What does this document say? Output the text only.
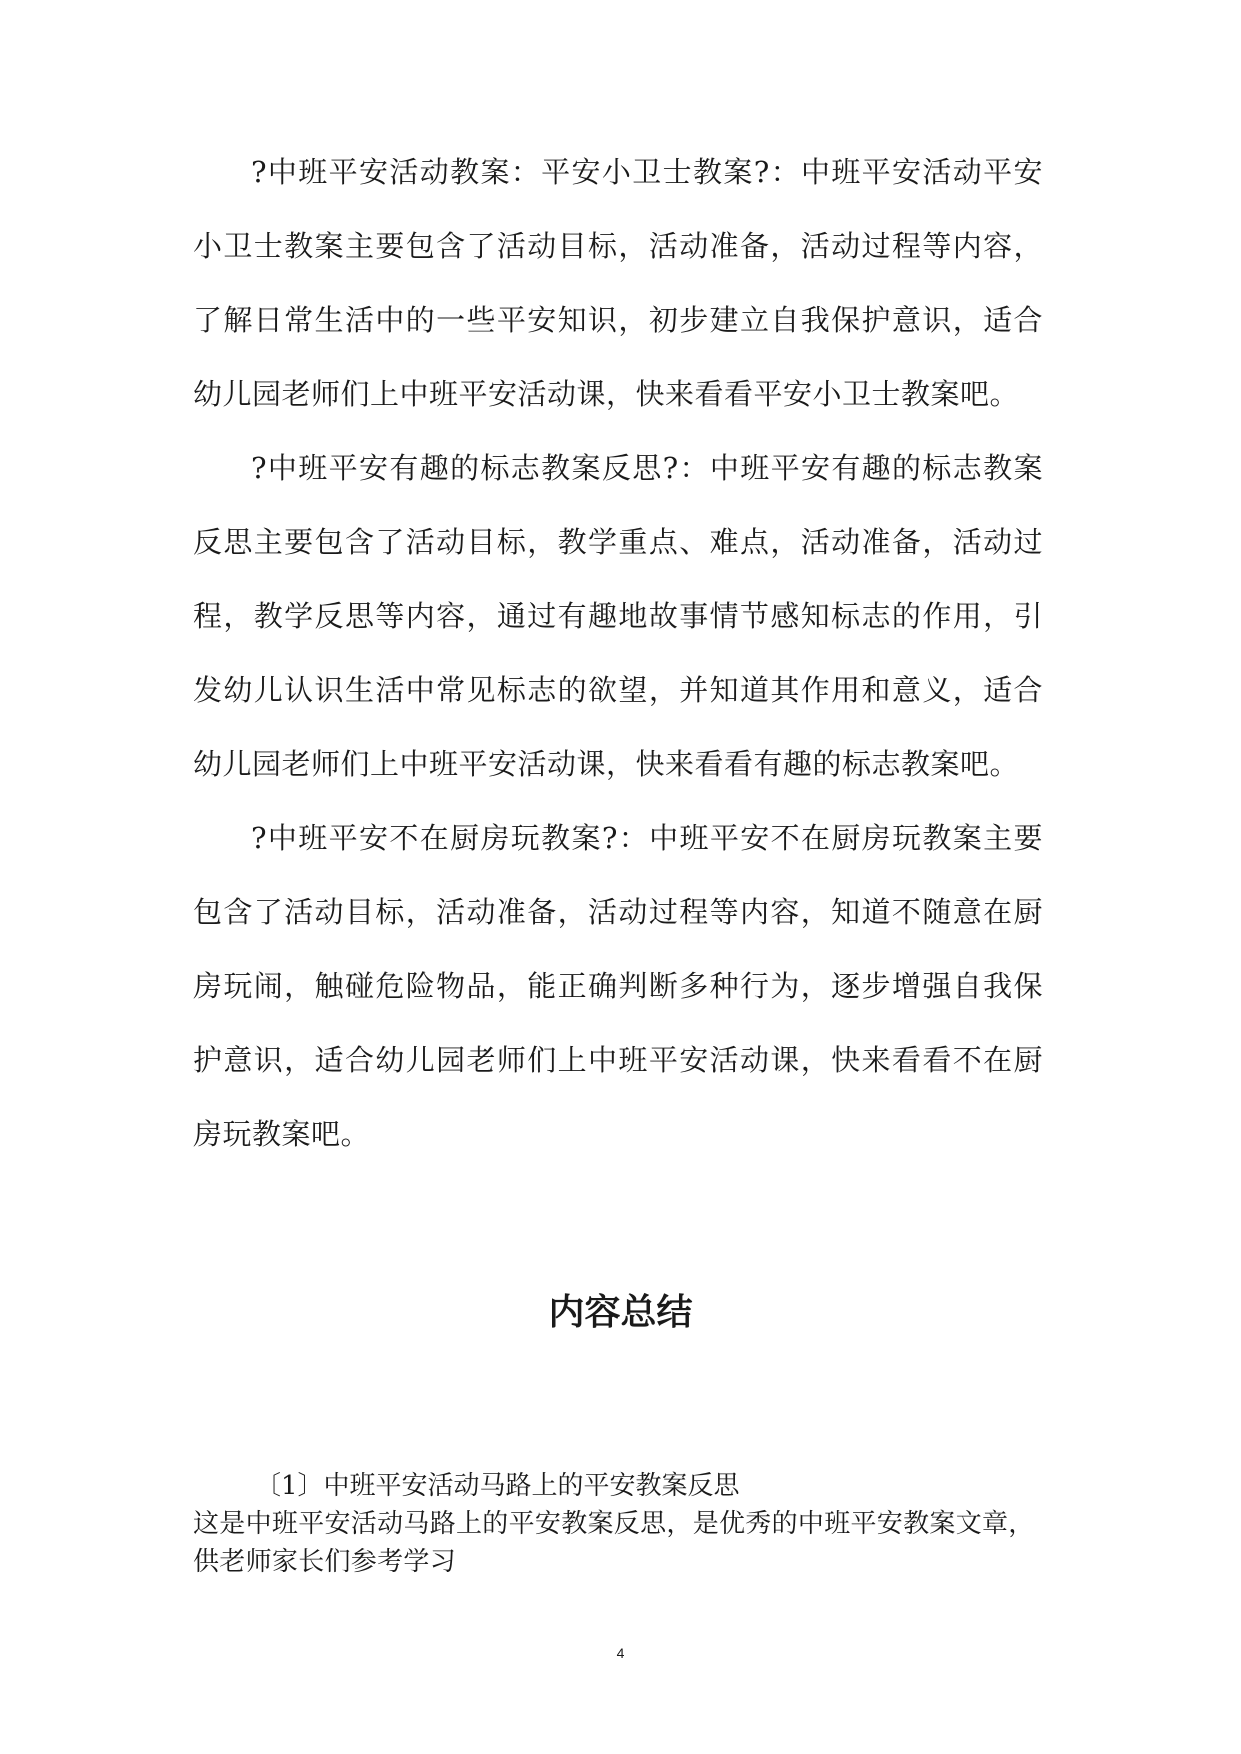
?中班平安活动教案：平安小卫士教案?：中班平安活动平安小卫士教案主要包含了活动目标，活动准备，活动过程等内容，了解日常生活中的一些平安知识，初步建立自我保护意识，适合幼儿园老师们上中班平安活动课，快来看看平安小卫士教案吧。

?中班平安有趣的标志教案反思?：中班平安有趣的标志教案反思主要包含了活动目标，教学重点、难点，活动准备，活动过程，教学反思等内容，通过有趣地故事情节感知标志的作用，引发幼儿认识生活中常见标志的欲望，并知道其作用和意义，适合幼儿园老师们上中班平安活动课，快来看看有趣的标志教案吧。

?中班平安不在厨房玩教案?：中班平安不在厨房玩教案主要包含了活动目标，活动准备，活动过程等内容，知道不随意在厨房玩闹，触碰危险物品，能正确判断多种行为，逐步增强自我保护意识，适合幼儿园老师们上中班平安活动课，快来看看不在厨房玩教案吧。

内容总结

〔1〕中班平安活动马路上的平安教案反思

这是中班平安活动马路上的平安教案反思，是优秀的中班平安教案文章，供老师家长们参考学习

4
